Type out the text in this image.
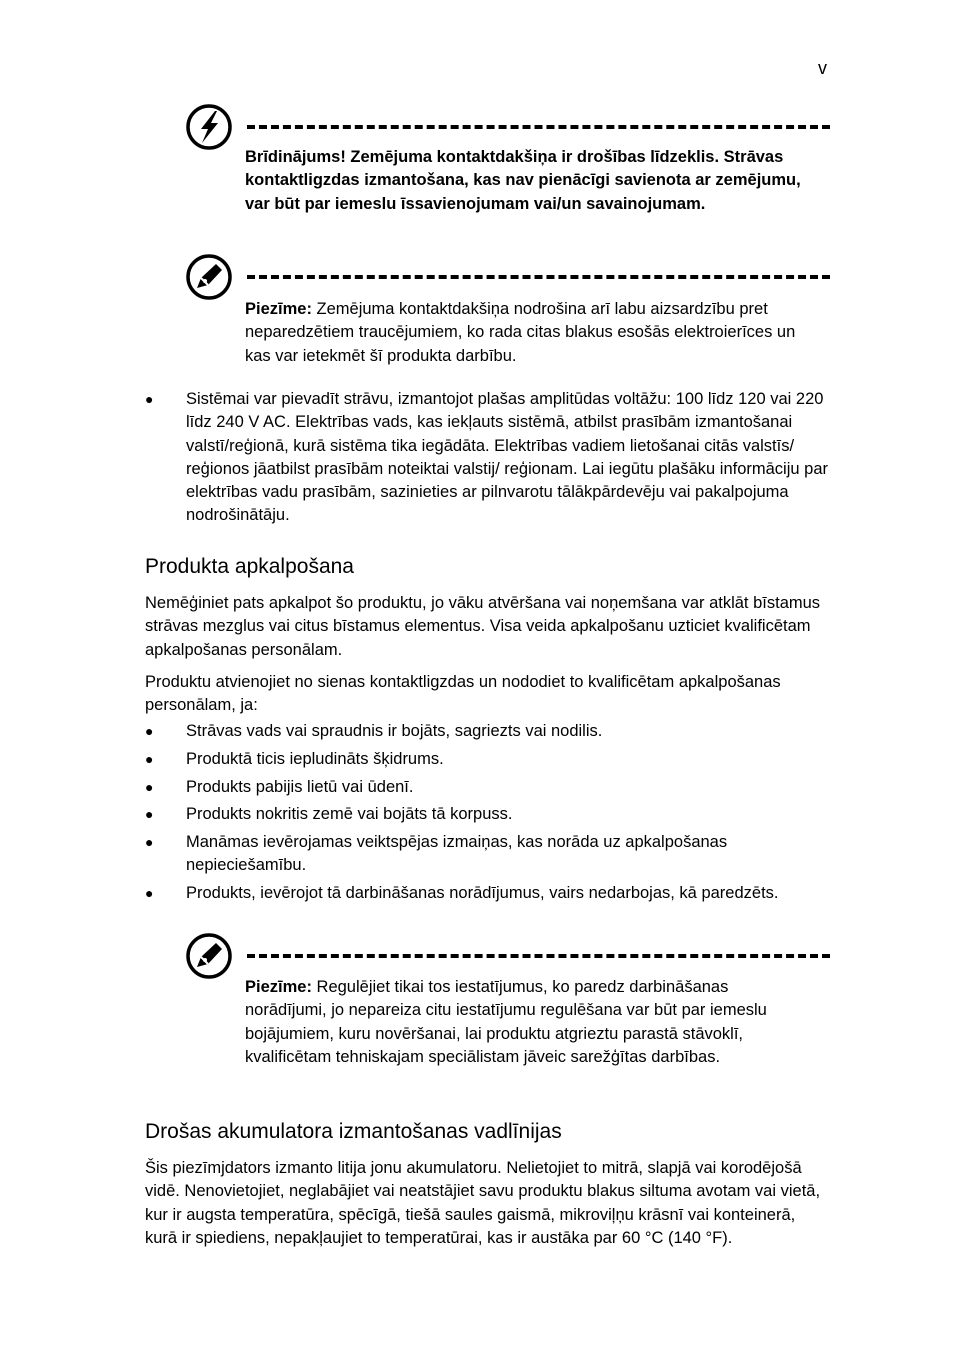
v
Brīdinājums! Zemējuma kontaktdakšiņa ir drošības līdzeklis. Strāvas kontaktligzdas izmantošana, kas nav pienācīgi savienota ar zemējumu, var būt par iemeslu īssavienojumam vai/un savainojumam.
Piezīme: Zemējuma kontaktdakšiņa nodrošina arī labu aizsardzību pret neparedzētiem traucējumiem, ko rada citas blakus esošās elektroierīces un kas var ietekmēt šī produkta darbību.
● Sistēmai var pievadīt strāvu, izmantojot plašas amplitūdas voltāžu: 100 līdz 120 vai 220 līdz 240 V AC. Elektrības vads, kas iekļauts sistēmā, atbilst prasībām izmantošanai valstī/reģionā, kurā sistēma tika iegādāta. Elektrības vadiem lietošanai citās valstīs/ reģionos jāatbilst prasībām noteiktai valstij/ reģionam. Lai iegūtu plašāku informāciju par elektrības vadu prasībām, sazinieties ar pilnvarotu tālākpārdevēju vai pakalpojuma nodrošinātāju.
Produkta apkalpošana
Nemēģiniet pats apkalpot šo produktu, jo vāku atvēršana vai noņemšana var atklāt bīstamus strāvas mezglus vai citus bīstamus elementus. Visa veida apkalpošanu uzticiet kvalificētam apkalpošanas personālam.
Produktu atvienojiet no sienas kontaktligzdas un nododiet to kvalificētam apkalpošanas personālam, ja:
● Strāvas vads vai spraudnis ir bojāts, sagriezts vai nodilis.
● Produktā ticis iepludināts šķidrums.
● Produkts pabijis lietū vai ūdenī.
● Produkts nokritis zemē vai bojāts tā korpuss.
● Manāmas ievērojamas veiktspējas izmaiņas, kas norāda uz apkalpošanas nepieciešamību.
● Produkts, ievērojot tā darbināšanas norādījumus, vairs nedarbojas, kā paredzēts.
Piezīme: Regulējiet tikai tos iestatījumus, ko paredz darbināšanas norādījumi, jo nepareiza citu iestatījumu regulēšana var būt par iemeslu bojājumiem, kuru novēršanai, lai produktu atgrieztu parastā stāvoklī, kvalificētam tehniskajam speciālistam jāveic sarežģītas darbības.
Drošas akumulatora izmantošanas vadlīnijas
Šis piezīmjdators izmanto litija jonu akumulatoru. Nelietojiet to mitrā, slapjā vai korodējošā vidē. Nenovietojiet, neglabājiet vai neatstājiet savu produktu blakus siltuma avotam vai vietā, kur ir augsta temperatūra, spēcīgā, tiešā saules gaismā, mikroviļņu krāsnī vai konteinerā, kurā ir spiediens, nepakļaujiet to temperatūrai, kas ir austāka par 60 °C (140 °F).
